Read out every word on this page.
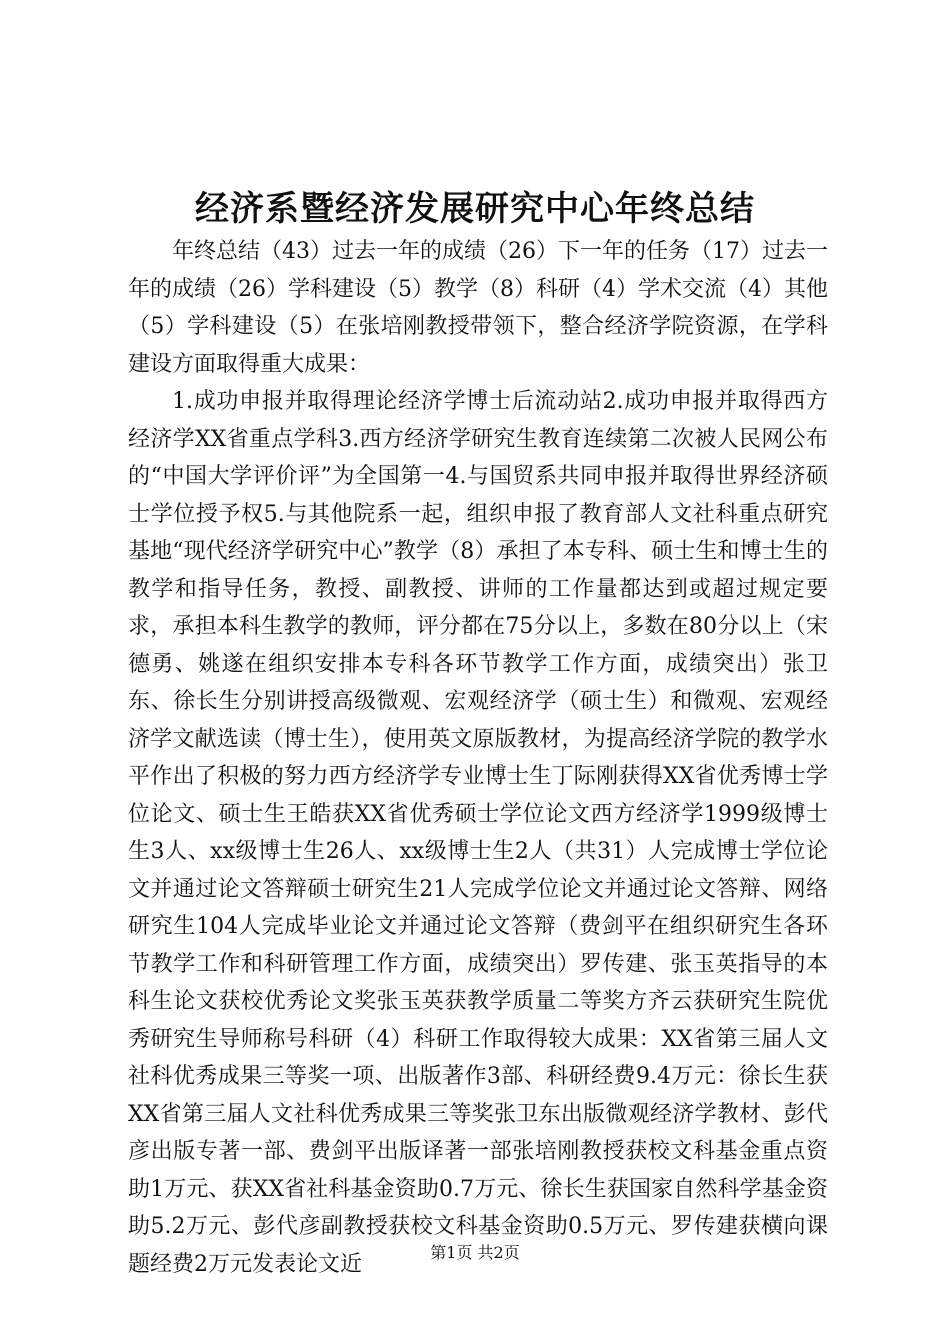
经济系暨经济发展研究中心年终总结

年终总结（43）过去一年的成绩（26）下一年的任务（17）过去一年的成绩（26）学科建设（5）教学（8）科研（4）学术交流（4）其他（5）学科建设（5）在张培刚教授带领下，整合经济学院资源，在学科建设方面取得重大成果：

1.成功申报并取得理论经济学博士后流动站2.成功申报并取得西方经济学XX省重点学科3.西方经济学研究生教育连续第二次被人民网公布的“中国大学评价评”为全国第一4.与国贸系共同申报并取得世界经济硕士学位授予权5.与其他院系一起，组织申报了教育部人文社科重点研究基地“现代经济学研究中心”教学（8）承担了本专科、硕士生和博士生的教学和指导任务，教授、副教授、讲师的工作量都达到或超过规定要求，承担本科生教学的教师，评分都在75分以上，多数在80分以上（宋德勇、姚遂在组织安排本专科各环节教学工作方面，成绩突出）张卫东、徐长生分别讲授高级微观、宏观经济学（硕士生）和微观、宏观经济学文献选读（博士生），使用英文原版教材，为提高经济学院的教学水平作出了积极的努力西方经济学专业博士生丁际刚获得XX省优秀博士学位论文、硕士生王皓获XX省优秀硕士学位论文西方经济学1999级博士生3人、xx级博士生26人、xx级博士生2人（共31）人完成博士学位论文并通过论文答辩硕士研究生21人完成学位论文并通过论文答辩、网络研究生104人完成毕业论文并通过论文答辩（费剑平在组织研究生各环节教学工作和科研管理工作方面，成绩突出）罗传建、张玉英指导的本科生论文获校优秀论文奖张玉英获教学质量二等奖方齐云获研究生院优秀研究生导师称号科研（4）科研工作取得较大成果：XX省第三届人文社科优秀成果三等奖一项、出版著作3部、科研经费9.4万元：徐长生获XX省第三届人文社科优秀成果三等奖张卫东出版微观经济学教材、彭代彦出版专著一部、费剑平出版译著一部张培刚教授获校文科基金重点资助1万元、获XX省社科基金资助0.7万元、徐长生获国家自然科学基金资助5.2万元、彭代彦副教授获校文科基金资助0.5万元、罗传建获横向课题经费2万元发表论文近	第1页 共2页
